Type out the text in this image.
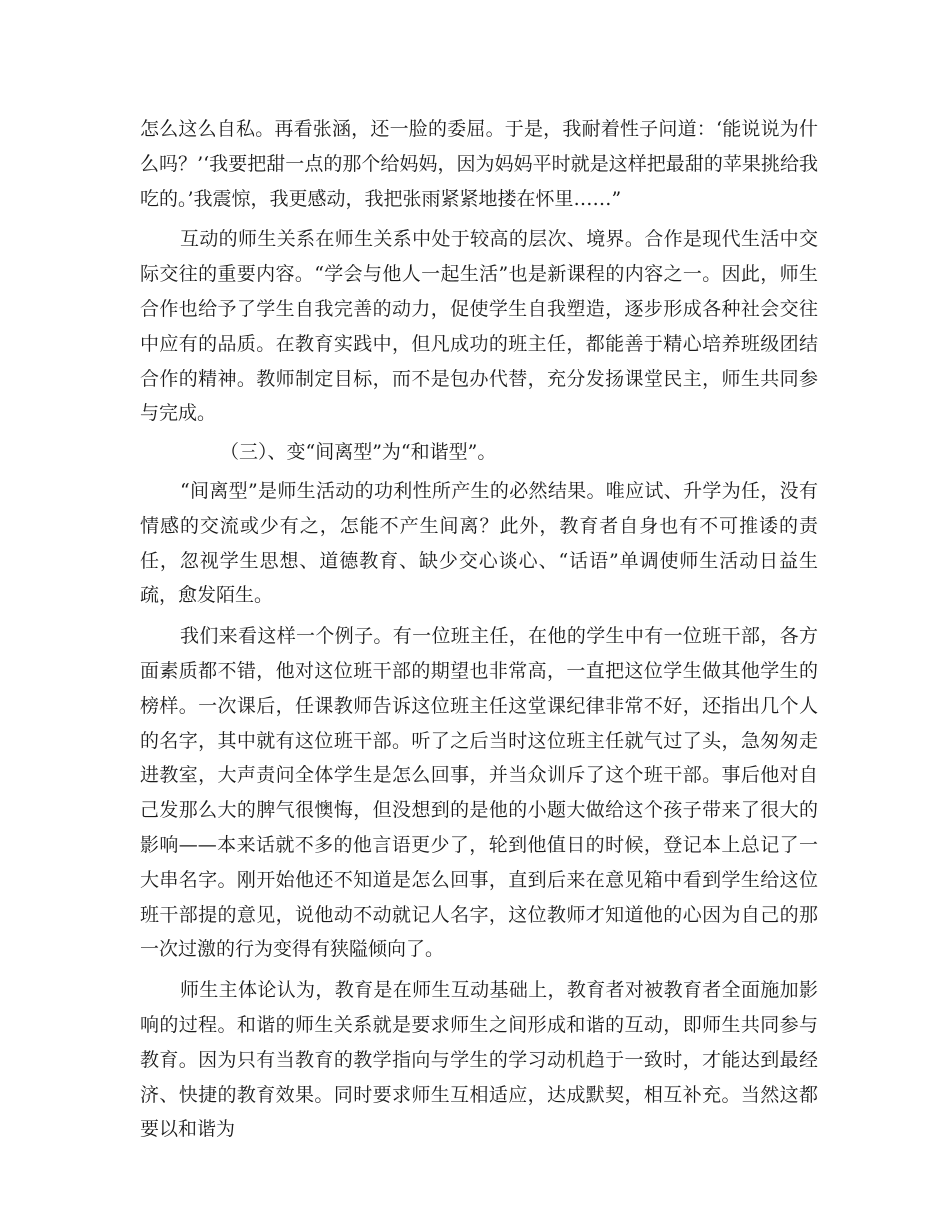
怎么这么自私。再看张涵，还一脸的委屈。于是，我耐着性子问道：‘能说说为什么吗？’‘我要把甜一点的那个给妈妈，因为妈妈平时就是这样把最甜的苹果挑给我吃的。’我震惊，我更感动，我把张雨紧紧地搂在怀里……”

互动的师生关系在师生关系中处于较高的层次、境界。合作是现代生活中交际交往的重要内容。“学会与他人一起生活”也是新课程的内容之一。因此，师生合作也给予了学生自我完善的动力，促使学生自我塑造，逐步形成各种社会交往中应有的品质。在教育实践中，但凡成功的班主任，都能善于精心培养班级团结合作的精神。教师制定目标，而不是包办代替，充分发扬课堂民主，师生共同参与完成。

（三）、变“间离型”为“和谐型”。

“间离型”是师生活动的功利性所产生的必然结果。唯应试、升学为任，没有情感的交流或少有之，怎能不产生间离？此外，教育者自身也有不可推诿的责任，忽视学生思想、道德教育、缺少交心谈心、“话语”单调使师生活动日益生疏，愈发陌生。

我们来看这样一个例子。有一位班主任，在他的学生中有一位班干部，各方面素质都不错，他对这位班干部的期望也非常高，一直把这位学生做其他学生的榜样。一次课后，任课教师告诉这位班主任这堂课纪律非常不好，还指出几个人的名字，其中就有这位班干部。听了之后当时这位班主任就气过了头，急匆匆走进教室，大声责问全体学生是怎么回事，并当众训斥了这个班干部。事后他对自己发那么大的脾气很懊悔，但没想到的是他的小题大做给这个孩子带来了很大的影响——本来话就不多的他言语更少了，轮到他值日的时候，登记本上总记了一大串名字。刚开始他还不知道是怎么回事，直到后来在意见箱中看到学生给这位班干部提的意见，说他动不动就记人名字，这位教师才知道他的心因为自己的那一次过激的行为变得有狭隘倾向了。

师生主体论认为，教育是在师生互动基础上，教育者对被教育者全面施加影响的过程。和谐的师生关系就是要求师生之间形成和谐的互动，即师生共同参与教育。因为只有当教育的教学指向与学生的学习动机趋于一致时，才能达到最经济、快捷的教育效果。同时要求师生互相适应，达成默契，相互补充。当然这都要以和谐为
